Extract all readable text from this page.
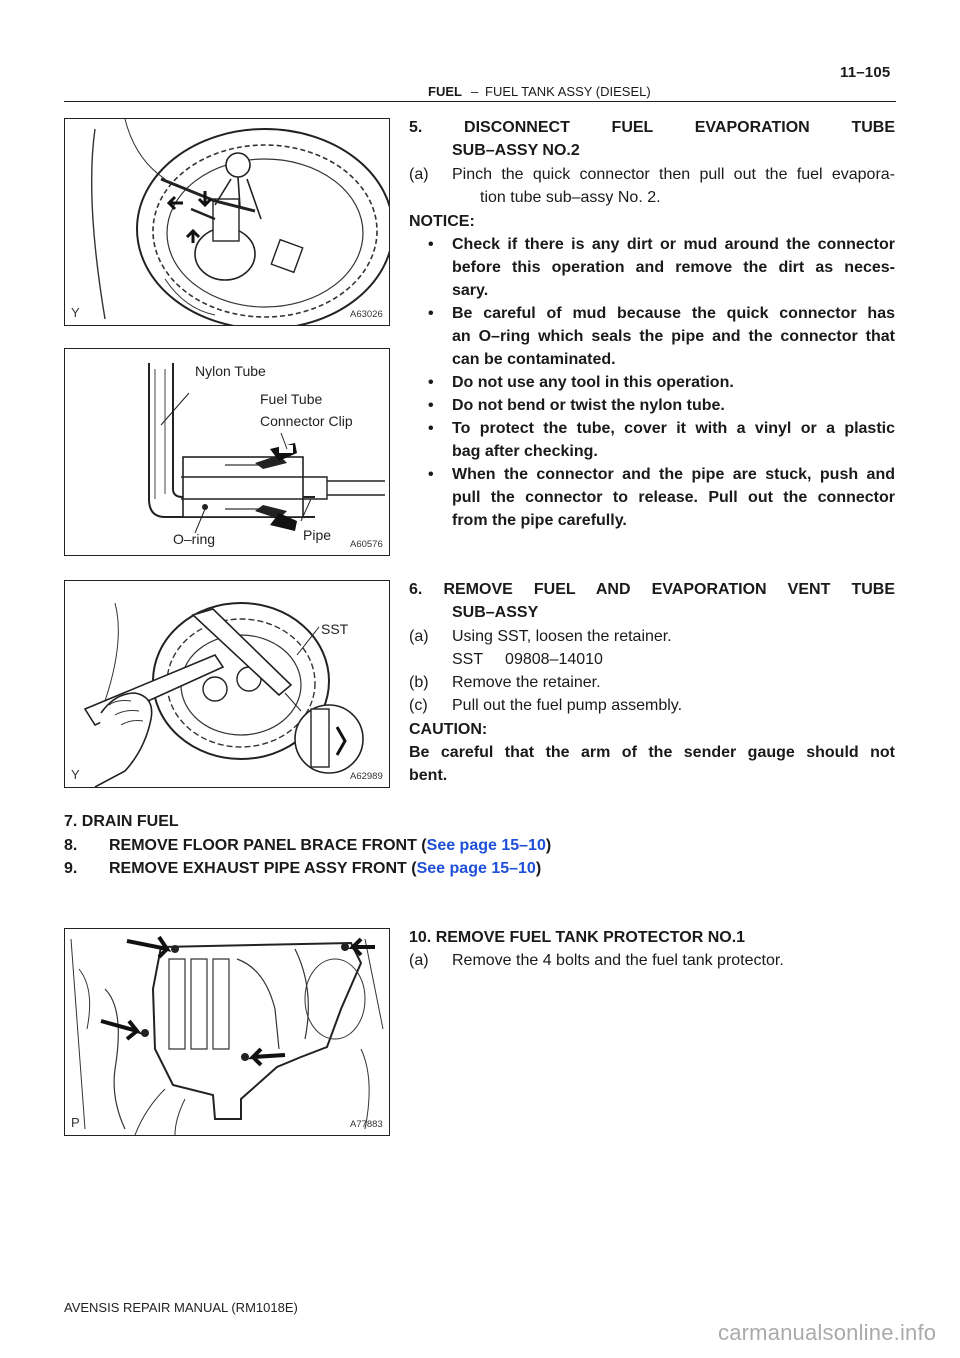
11–105
FUEL – FUEL TANK ASSY (DIESEL)
Y	A63026
Nylon Tube
Fuel Tube
Connector Clip
O–ring	Pipe
A60576
SST
Y	A62989
P	A77883
5. DISCONNECT FUEL EVAPORATION TUBE
SUB–ASSY NO.2
(a) Pinch the quick connector then pull out the fuel evapora-
tion tube sub–assy No. 2.
NOTICE:
• Check if there is any dirt or mud around the connector
before this operation and remove the dirt as neces-
sary.
• Be careful of mud because the quick connector has
an O–ring which seals the pipe and the connector that
can be contaminated.
• Do not use any tool in this operation.
• Do not bend or twist the nylon tube.
• To protect the tube, cover it with a vinyl or a plastic
bag after checking.
• When the connector and the pipe are stuck, push and
pull the connector to release. Pull out the connector
from the pipe carefully.
6. REMOVE FUEL AND EVAPORATION VENT TUBE
SUB–ASSY
(a) Using SST, loosen the retainer.
SST     09808–14010
(b) Remove the retainer.
(c) Pull out the fuel pump assembly.
CAUTION:
Be careful that the arm of the sender gauge should not
bent.
7. DRAIN FUEL
8. REMOVE FLOOR PANEL BRACE FRONT (See page 15–10)
9. REMOVE EXHAUST PIPE ASSY FRONT (See page 15–10)
10. REMOVE FUEL TANK PROTECTOR NO.1
(a) Remove the 4 bolts and the fuel tank protector.
AVENSIS REPAIR MANUAL (RM1018E)
carmanualsonline.info
